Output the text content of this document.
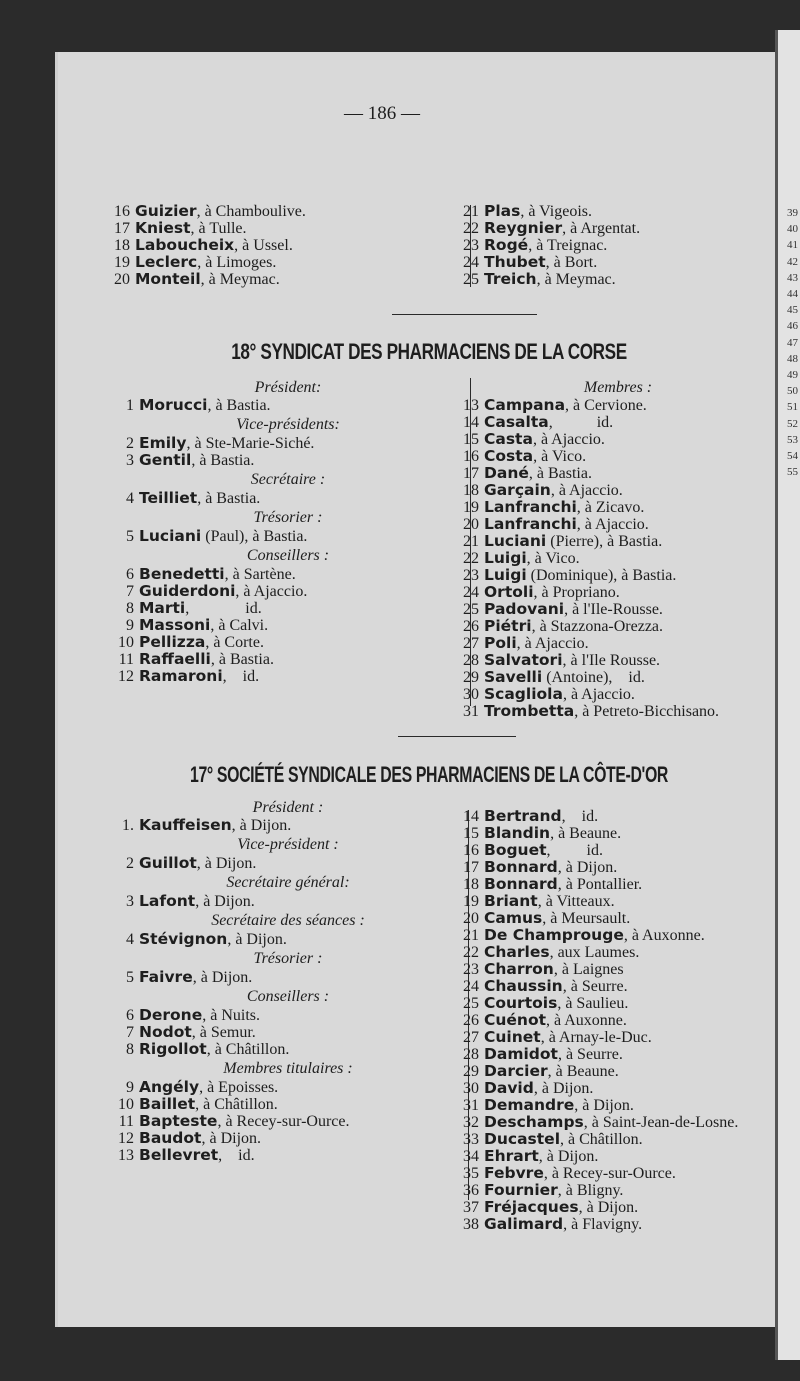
— 186 —
16 Guizier, à Chamboulive.
17 Kniest, à Tulle.
18 Laboucheix, à Ussel.
19 Leclerc, à Limoges.
20 Monteil, à Meymac.
21 Plas, à Vigeois.
22 Reygnier, à Argentat.
23 Rogé, à Treignac.
24 Thubet, à Bort.
25 Treich, à Meymac.
18° SYNDICAT DES PHARMACIENS DE LA CORSE
Président:
1 Morucci, à Bastia.
Vice-présidents:
2 Emily, à Ste-Marie-Siché.
3 Gentil, à Bastia.
Secrétaire :
4 Teilliet, à Bastia.
Trésorier :
5 Luciani (Paul), à Bastia.
Conseillers :
6 Benedetti, à Sartène.
7 Guiderdoni, à Ajaccio.
8 Marti,              id.
9 Massoni, à Calvi.
10 Pellizza, à Corte.
11 Raffaelli, à Bastia.
12 Ramaroni,    id.
Membres :
13 Campana, à Cervione.
14 Casalta,           id.
15 Casta, à Ajaccio.
16 Costa, à Vico.
17 Dané, à Bastia.
18 Garçain, à Ajaccio.
19 Lanfranchi, à Zicavo.
20 Lanfranchi, à Ajaccio.
21 Luciani (Pierre), à Bastia.
22 Luigi, à Vico.
23 Luigi (Dominique), à Bastia.
24 Ortoli, à Propriano.
25 Padovani, à l'Ile-Rousse.
26 Piétri, à Stazzona-Orezza.
27 Poli, à Ajaccio.
28 Salvatori, à l'Ile Rousse.
29 Savelli (Antoine),    id.
30 Scagliola, à Ajaccio.
31 Trombetta, à Petreto-Bicchisano.
17° SOCIÉTÉ SYNDICALE DES PHARMACIENS DE LA CÔTE-D'OR
Président :
1. Kauffeisen, à Dijon.
Vice-président :
2 Guillot, à Dijon.
Secrétaire général:
3 Lafont, à Dijon.
Secrétaire des séances :
4 Stévignon, à Dijon.
Trésorier :
5 Faivre, à Dijon.
Conseillers :
6 Derone, à Nuits.
7 Nodot, à Semur.
8 Rigollot, à Châtillon.
Membres titulaires :
9 Angély, à Epoisses.
10 Baillet, à Châtillon.
11 Bapteste, à Recey-sur-Ource.
12 Baudot, à Dijon.
13 Bellevret,    id.
14 Bertrand,    id.
15 Blandin, à Beaune.
16 Boguet,         id.
17 Bonnard, à Dijon.
18 Bonnard, à Pontallier.
19 Briant, à Vitteaux.
20 Camus, à Meursault.
21 De Champrouge, à Auxonne.
22 Charles, aux Laumes.
23 Charron, à Laignes
24 Chaussin, à Seurre.
25 Courtois, à Saulieu.
26 Cuénot, à Auxonne.
27 Cuinet, à Arnay-le-Duc.
28 Damidot, à Seurre.
29 Darcier, à Beaune.
30 David, à Dijon.
31 Demandre, à Dijon.
32 Deschamps, à Saint-Jean-de-Losne.
33 Ducastel, à Châtillon.
34 Ehrart, à Dijon.
35 Febvre, à Recey-sur-Ource.
36 Fournier, à Bligny.
37 Fréjacques, à Dijon.
38 Galimard, à Flavigny.
39
40
41
42
43
44
45
46
47
48
49
50
51
52
53
54
55
